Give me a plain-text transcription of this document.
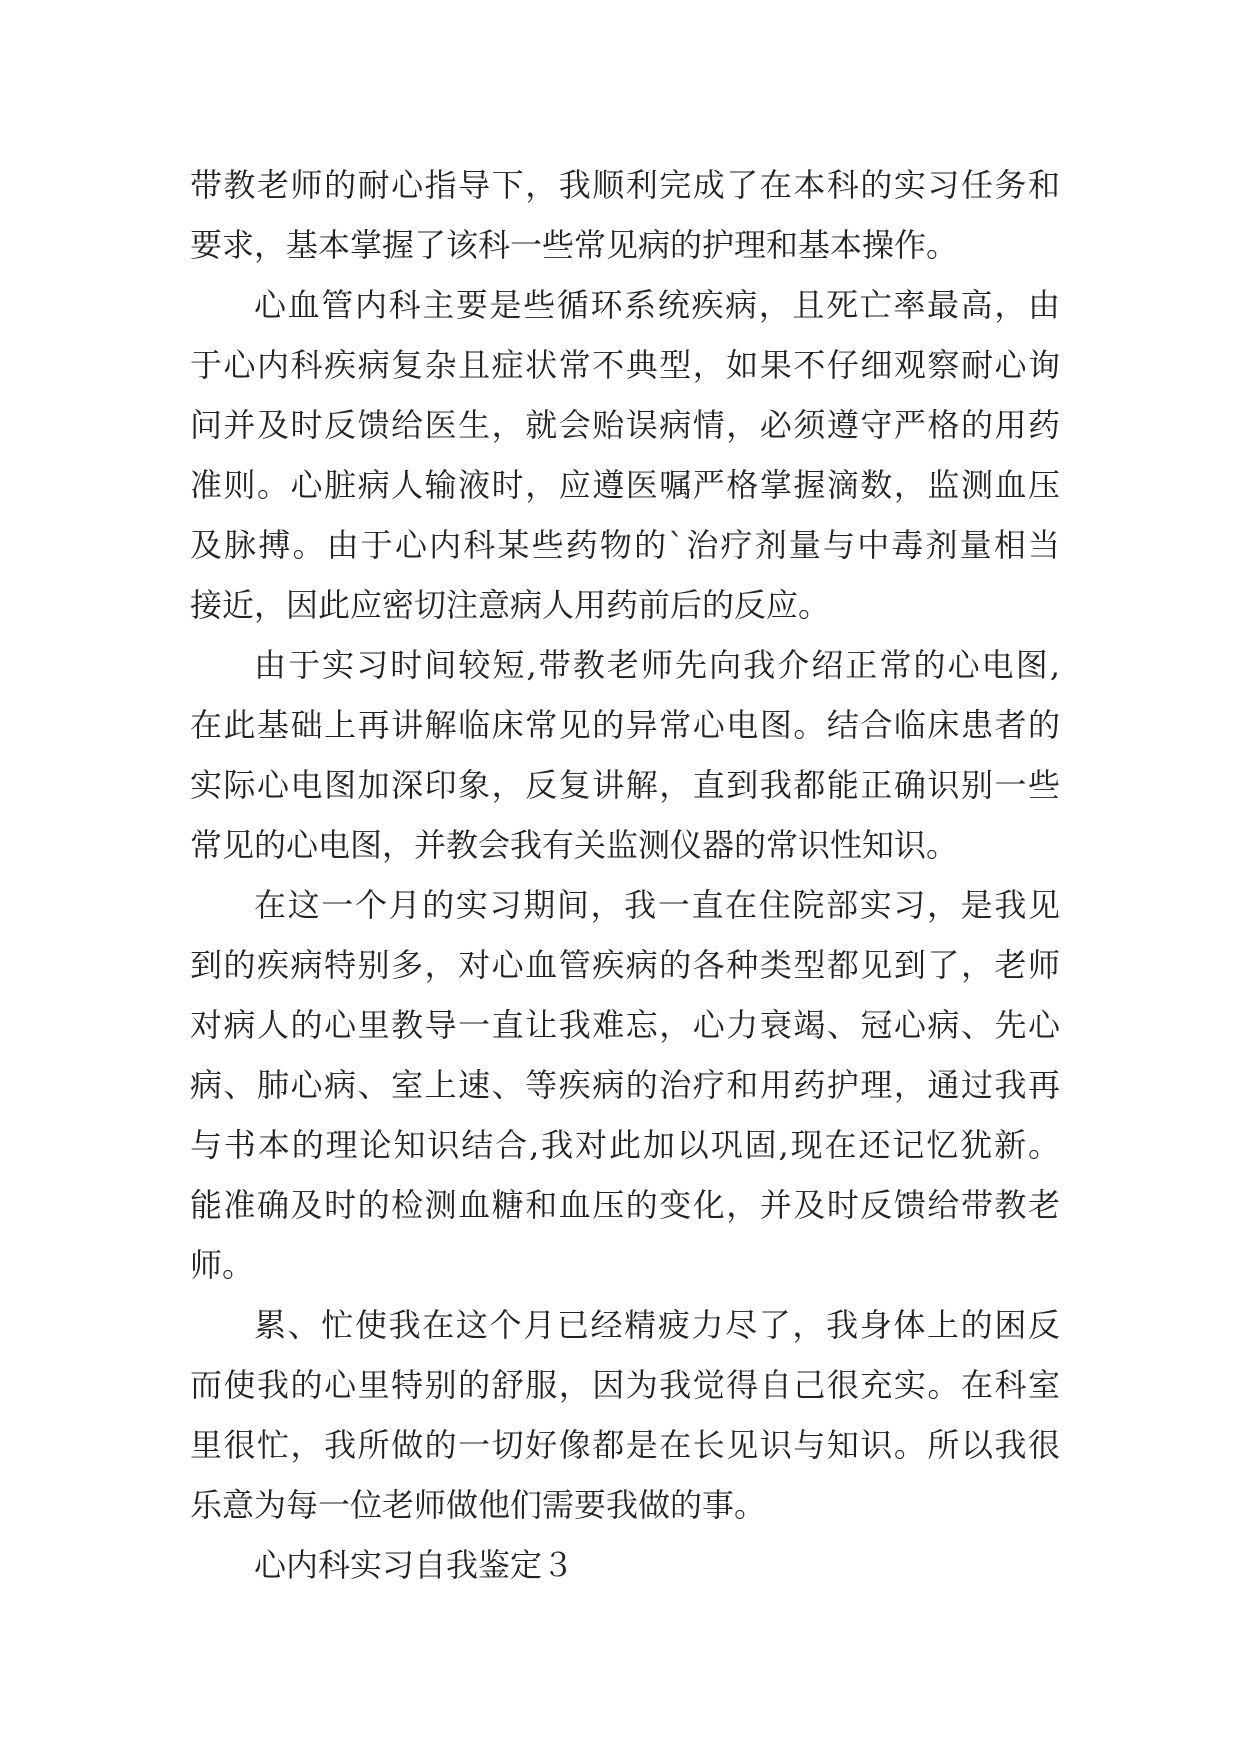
带教老师的耐心指导下，我顺利完成了在本科的实习任务和
要求，基本掌握了该科一些常见病的护理和基本操作。
心血管内科主要是些循环系统疾病，且死亡率最高，由
于心内科疾病复杂且症状常不典型，如果不仔细观察耐心询
问并及时反馈给医生，就会贻误病情，必须遵守严格的用药
准则。心脏病人输液时，应遵医嘱严格掌握滴数，监测血压
及脉搏。由于心内科某些药物的`治疗剂量与中毒剂量相当
接近，因此应密切注意病人用药前后的反应。
由于实习时间较短,带教老师先向我介绍正常的心电图,
在此基础上再讲解临床常见的异常心电图。结合临床患者的
实际心电图加深印象，反复讲解，直到我都能正确识别一些
常见的心电图，并教会我有关监测仪器的常识性知识。
在这一个月的实习期间，我一直在住院部实习，是我见
到的疾病特别多，对心血管疾病的各种类型都见到了，老师
对病人的心里教导一直让我难忘，心力衰竭、冠心病、先心
病、肺心病、室上速、等疾病的治疗和用药护理，通过我再
与书本的理论知识结合,我对此加以巩固,现在还记忆犹新。
能准确及时的检测血糖和血压的变化，并及时反馈给带教老
师。
累、忙使我在这个月已经精疲力尽了，我身体上的困反
而使我的心里特别的舒服，因为我觉得自己很充实。在科室
里很忙，我所做的一切好像都是在长见识与知识。所以我很
乐意为每一位老师做他们需要我做的事。
心内科实习自我鉴定３
